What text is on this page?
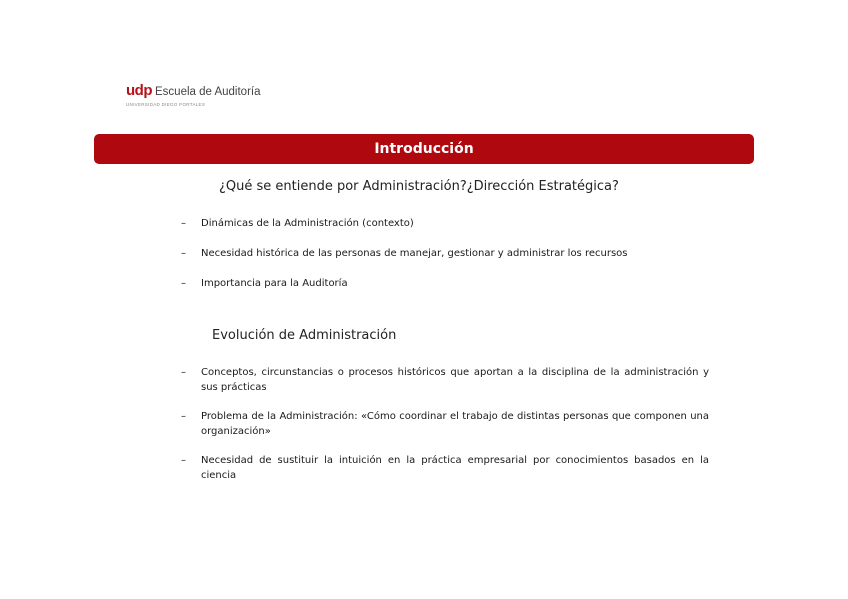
udp Escuela de Auditoría
UNIVERSIDAD DIEGO PORTALES
Introducción
¿Qué se entiende por Administración?¿Dirección Estratégica?
–	Dinámicas de la Administración (contexto)
–	Necesidad histórica de las personas de manejar, gestionar y administrar los recursos
–	Importancia para la Auditoría
Evolución de Administración
–	Conceptos, circunstancias o procesos históricos que aportan a la disciplina de la administración y sus prácticas
–	Problema de la Administración: «Cómo coordinar el trabajo de distintas personas que componen una organización»
–	Necesidad de sustituir la intuición en la práctica empresarial por conocimientos basados en la ciencia
